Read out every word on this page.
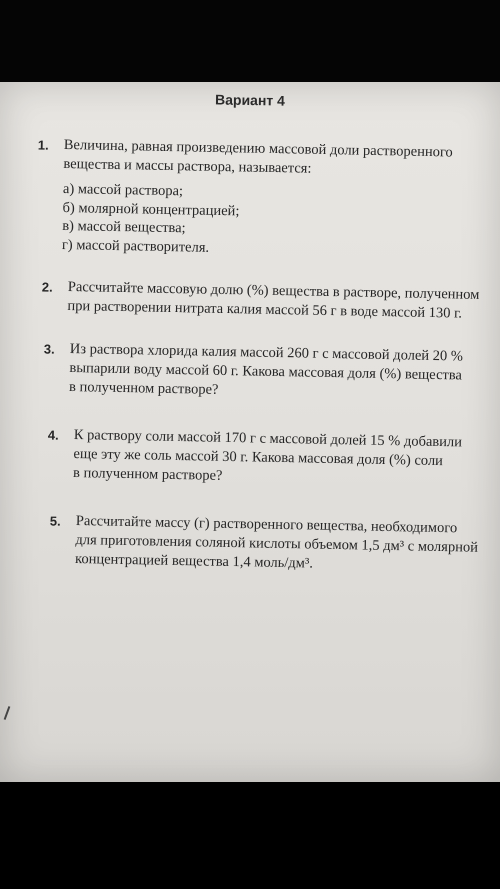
Вариант 4
1. Величина, равная произведению массовой доли растворенного

вещества и массы раствора, называется:

а) массой раствора;
б) молярной концентрацией;
в) массой вещества;
г) массой растворителя.
2. Рассчитайте массовую долю (%) вещества в растворе, полученном

при растворении нитрата калия массой 56 г в воде массой 130 г.

3. Из раствора хлорида калия массой 260 г с массовой долей 20 %

выпарили воду массой 60 г. Какова массовая доля (%) вещества

в полученном растворе?

4. К раствору соли массой 170 г с массовой долей 15 % добавили

еще эту же соль массой 30 г. Какова массовая доля (%) соли

в полученном растворе?

5. Рассчитайте массу (г) растворенного вещества, необходимого

для приготовления соляной кислоты объемом 1,5 дм³ с молярной

концентрацией вещества 1,4 моль/дм³.
